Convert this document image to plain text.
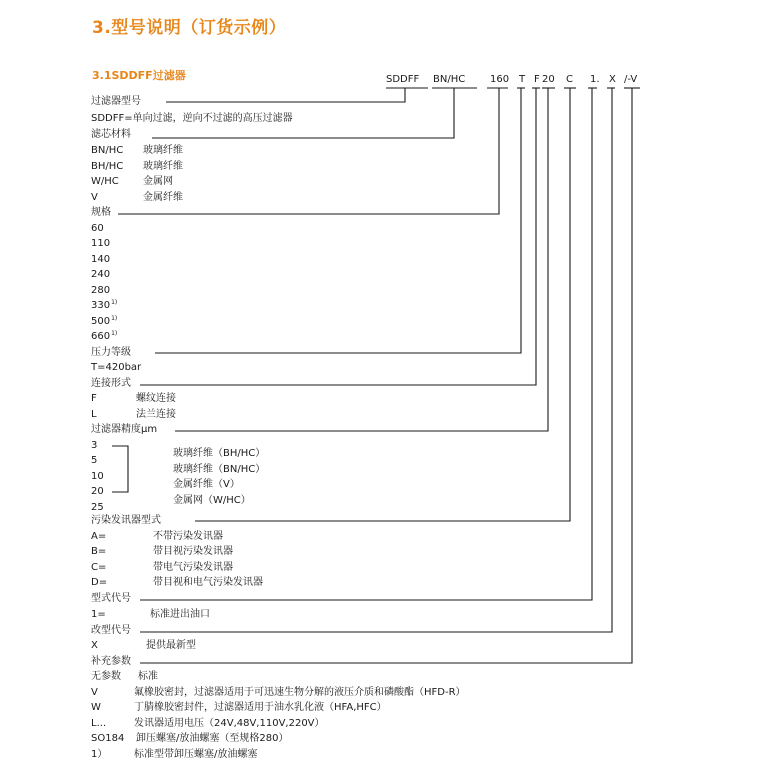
3.型号说明（订货示例）
3.1SDDFF过滤器	SDDFF BN/HC 160 T F 20 C 1. X /-V
过滤器型号
SDDFF=单向过滤，逆向不过滤的高压过滤器
滤芯材料
BN/HC 玻璃纤维
BH/HC 玻璃纤维
W/HC 金属网
V	金属纤维
规格
60
110
140
240
280
330$^{1)}$
500$^{1)}$
660$^{1)}$
压力等级
T=420bar
连接形式
F	螺纹连接
L	法兰连接
过滤器精度μm
3
5
10
20
25
玻璃纤维（BH/HC）
玻璃纤维（BN/HC）
金属纤维（V）
金属网（W/HC）
污染发讯器型式
A=	不带污染发讯器
B=	带目视污染发讯器
C=	带电气污染发讯器
D=	带目视和电气污染发讯器
型式代号
1=	标准进出油口
改型代号
X	提供最新型
补充参数
无参数 标准
V	氟橡胶密封，过滤器适用于可迅速生物分解的液压介质和磷酸酯（HFD-R）
W	丁腈橡胶密封件，过滤器适用于油水乳化液（HFA,HFC）
L...	发讯器适用电压（24V,48V,110V,220V）
SO184 卸压螺塞/放油螺塞（至规格280）
1）	标准型带卸压螺塞/放油螺塞
